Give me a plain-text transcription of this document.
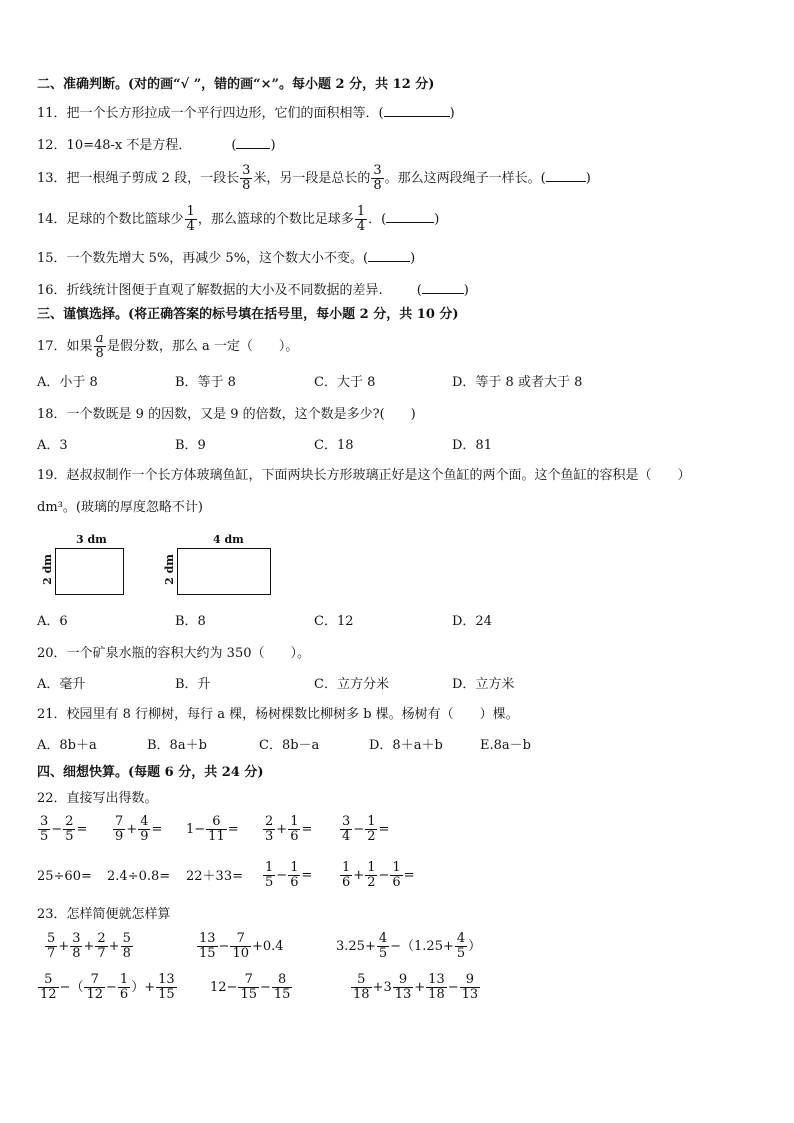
二、准确判断。(对的画“√ ”，错的画“×”。每小题 2 分，共 12 分)
11．把一个长方形拉成一个平行四边形，它们的面积相等．(	)
12．10=48-x 不是方程．	(	)
13．把一根绳子剪成 2 段，一段长 $\frac{3}{8}$ 米，另一段是总长的 $\frac{3}{8}$ 。那么这两段绳子一样长。(	)
14．足球的个数比篮球少 $\frac{1}{4}$ ，那么篮球的个数比足球多 $\frac{1}{4}$ ．(	)
15．一个数先增大 5%，再减少 5%，这个数大小不变。(	)
16．折线统计图便于直观了解数据的大小及不同数据的差异.	(	)
三、谨慎选择。(将正确答案的标号填在括号里，每小题 2 分，共 10 分)
17．如果 $\frac{a}{8}$ 是假分数，那么 a 一定（　　）。
A．小于 8	B．等于 8	C．大于 8	D．等于 8 或者大于 8
18．一个数既是 9 的因数，又是 9 的倍数，这个数是多少?(　　)
A．3	B．9	C．18	D．81
19．赵叔叔制作一个长方体玻璃鱼缸，下面两块长方形玻璃正好是这个鱼缸的两个面。这个鱼缸的容积是（　　）
dm³。(玻璃的厚度忽略不计)
3 dm
2 dm
4 dm
2 dm
A．6	B．8	C．12	D．24
20．一个矿泉水瓶的容积大约为 350（　　）。
A．毫升	B．升	C．立方分米	D．立方米
21．校园里有 8 行柳树，每行 a 棵，杨树棵数比柳树多 b 棵。杨树有（　　）棵。
A．8b＋a	B．8a＋b	C．8b－a	D．8＋a＋b	E.8a－b
四、细想快算。(每题 6 分，共 24 分)
22．直接写出得数。
$\frac{3}{5} - \frac{2}{5} = \frac{7}{9} + \frac{4}{9} = 1- \frac{6}{11} = \frac{2}{3} + \frac{1}{6} = \frac{3}{4} - \frac{1}{2}$ =
$25\div 60= 2.4\div 0.8= 22+33= \frac{1}{5} - \frac{1}{6} = \frac{1}{6} + \frac{1}{2} - \frac{1}{6}$ =
23．怎样简便就怎样算
$\frac{5}{7} + \frac{3}{8} + \frac{2}{7} + \frac{5}{8}$	$\frac{13}{15} - \frac{7}{10} +0.4$	$3.25+ \frac{4}{5} -(1.25+ \frac{4}{5}$ ）
$\frac{5}{12}$ −（ $\frac{7}{12} - \frac{1}{6}$ ）+ $\frac{13}{15}$	$12- \frac{7}{15} - \frac{8}{15}$	$\frac{5}{18} +3 \frac{9}{13} + \frac{13}{18} - \frac{9}{13}$
